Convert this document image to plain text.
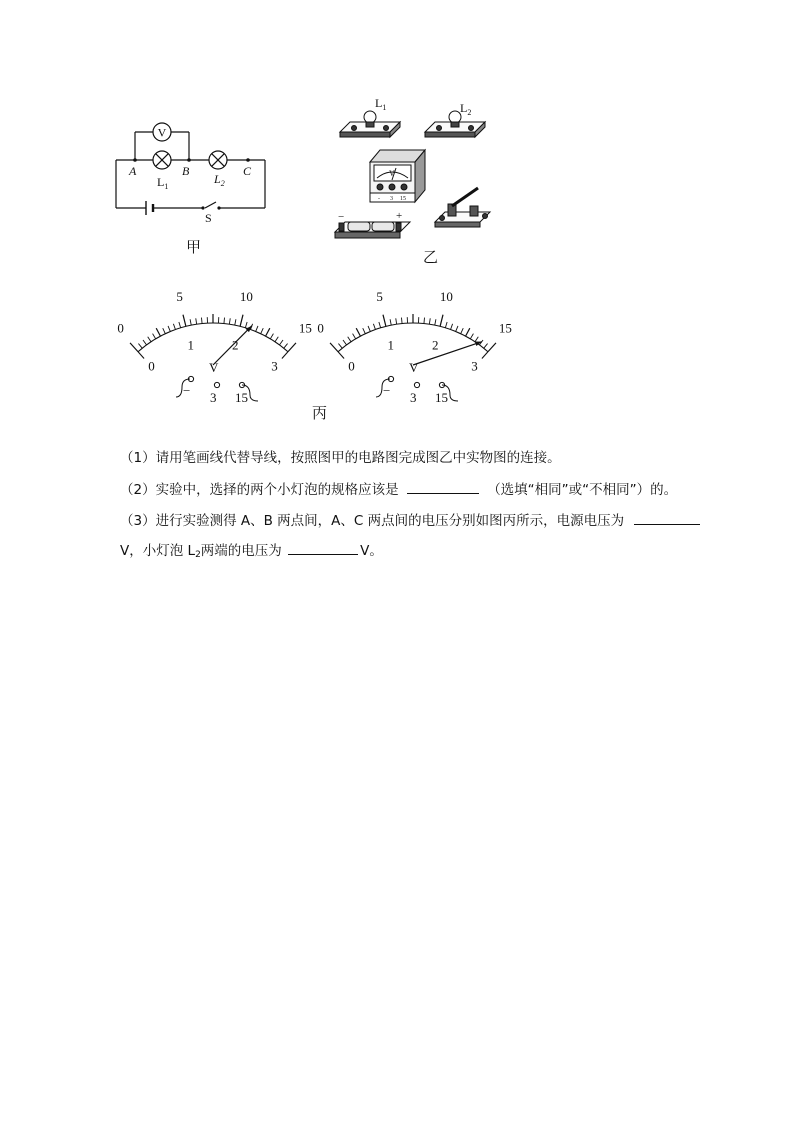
V
A	B	C
$L_1$
$L_2$
S
甲
$L_1$	$L_2$
V
- 3 15
−	+
乙
0
5	10
15
0
1	2
3
V
− 3 15
0
5	10
15
0
1	2
3
V
− 3 15
丙
（1）请用笔画线代替导线，按照图甲的电路图完成图乙中实物图的连接。
（2）实验中，选择的两个小灯泡的规格应该是	（选填“相同”或“不相同”）的。
（3）进行实验测得 A、B 两点间，A、C 两点间的电压分别如图丙所示，电源电压为
V，小灯泡 $L_2$两端的电压为	V。
